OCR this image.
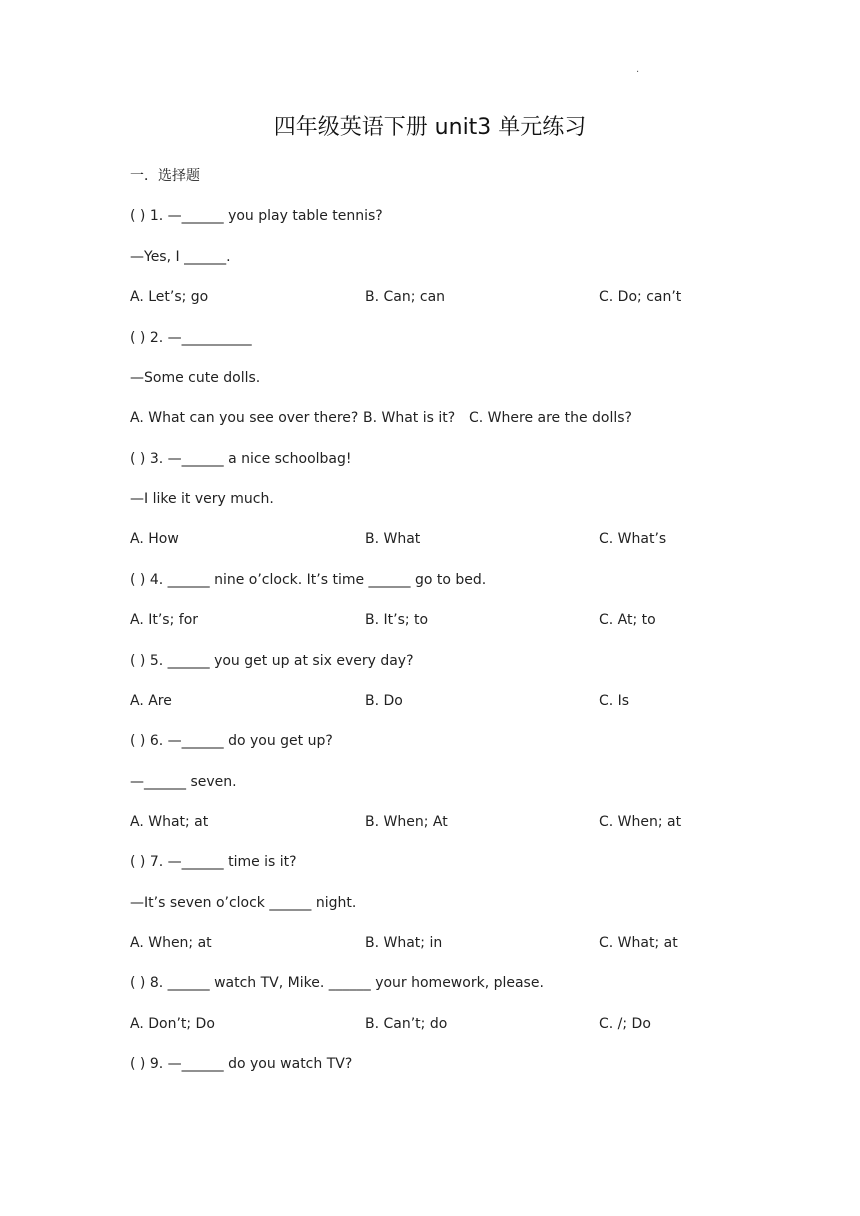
.
四年级英语下册 unit3 单元练习
一．选择题
( ) 1. —______ you play table tennis?
—Yes, I ______.
A. Let’s; go	B. Can; can	C. Do; can’t
( ) 2. —__________
—Some cute dolls.
A. What can you see over there? B. What is it? C. Where are the dolls?
( ) 3. —______ a nice schoolbag!
—I like it very much.
A. How	B. What	C. What’s
( ) 4. ______ nine o’clock. It’s time ______ go to bed.
A. It’s; for	B. It’s; to	C. At; to
( ) 5. ______ you get up at six every day?
A. Are	B. Do	C. Is
( ) 6. —______ do you get up?
—______ seven.
A. What; at	B. When; At	C. When; at
( ) 7. —______ time is it?
—It’s seven o’clock ______ night.
A. When; at	B. What; in	C. What; at
( ) 8. ______ watch TV, Mike. ______ your homework, please.
A. Don’t; Do	B. Can’t; do	C. /; Do
( ) 9. —______ do you watch TV?
